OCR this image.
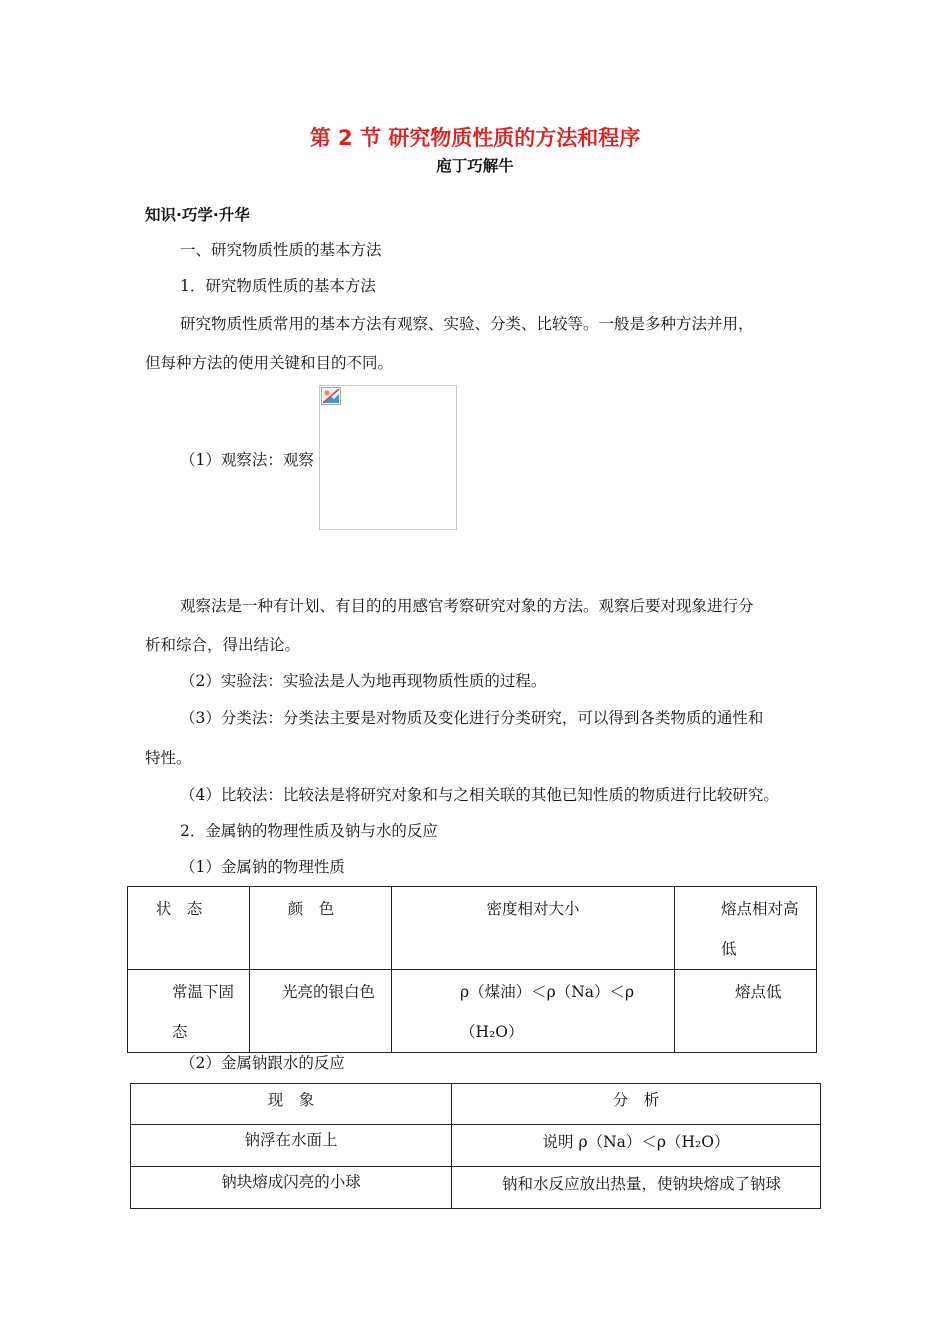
第 2 节 研究物质性质的方法和程序
庖丁巧解牛
知识·巧学·升华
一、研究物质性质的基本方法
1．研究物质性质的基本方法
研究物质性质常用的基本方法有观察、实验、分类、比较等。一般是多种方法并用，
但每种方法的使用关键和目的不同。
（1）观察法：观察
观察法是一种有计划、有目的的用感官考察研究对象的方法。观察后要对现象进行分
析和综合，得出结论。
（2）实验法：实验法是人为地再现物质性质的过程。
（3）分类法：分类法主要是对物质及变化进行分类研究，可以得到各类物质的通性和
特性。
（4）比较法：比较法是将研究对象和与之相关联的其他已知性质的物质进行比较研究。
2．金属钠的物理性质及钠与水的反应
（1）金属钠的物理性质
状　态	颜　色	密度相对大小	熔点相对高低

常温下固态	光亮的银白色	ρ（煤油）＜ρ（Na）＜ρ（H₂O）	熔点低
（2）金属钠跟水的反应
现　象	分　析
钠浮在水面上	说明 ρ（Na）＜ρ（H₂O）
钠块熔成闪亮的小球	钠和水反应放出热量，使钠块熔成了钠球
